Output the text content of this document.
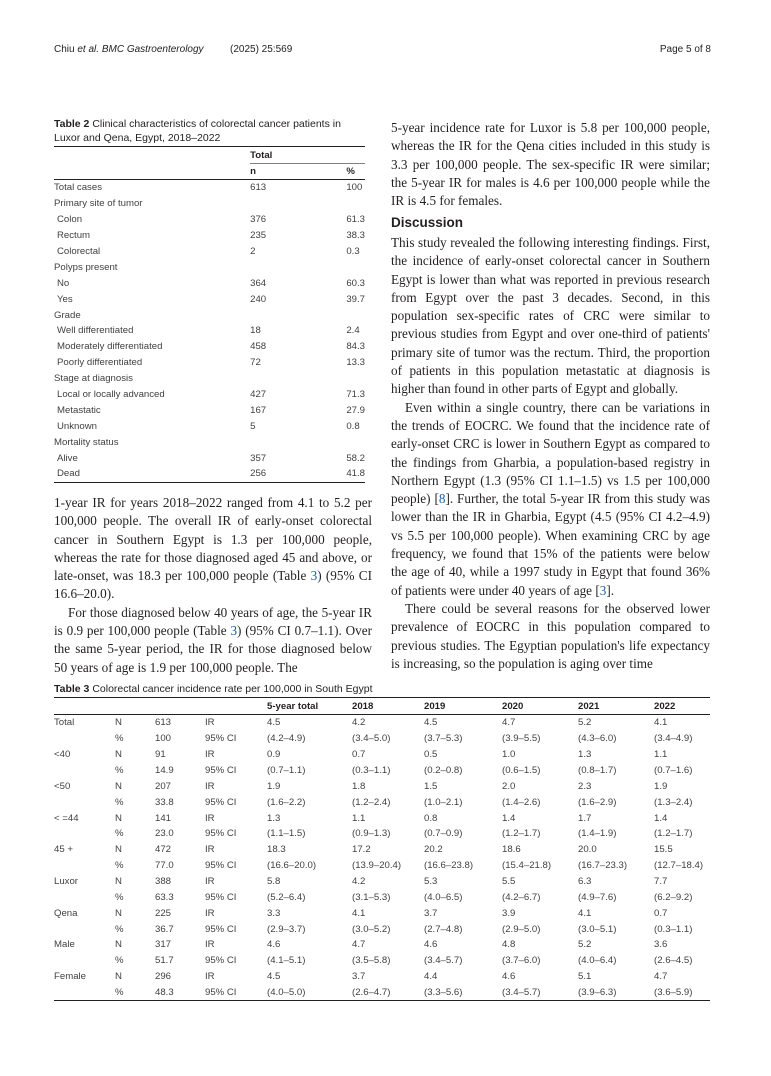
Chiu et al. BMC Gastroenterology	(2025) 25:569	Page 5 of 8
Table 2 Clinical characteristics of colorectal cancer patients in Luxor and Qena, Egypt, 2018–2022
	Total	
	n	%
Total cases	613	100
Primary site of tumor		
Colon	376	61.3
Rectum	235	38.3
Colorectal	2	0.3
Polyps present		
No	364	60.3
Yes	240	39.7
Grade		
Well differentiated	18	2.4
Moderately differentiated	458	84.3
Poorly differentiated	72	13.3
Stage at diagnosis		
Local or locally advanced	427	71.3
Metastatic	167	27.9
Unknown	5	0.8
Mortality status		
Alive	357	58.2
Dead	256	41.8

1-year IR for years 2018–2022 ranged from 4.1 to 5.2 per 100,000 people. The overall IR of early-onset colorectal cancer in Southern Egypt is 1.3 per 100,000 people, whereas the rate for those diagnosed aged 45 and above, or late-onset, was 18.3 per 100,000 people (Table 3) (95% CI 16.6–20.0).

For those diagnosed below 40 years of age, the 5-year IR is 0.9 per 100,000 people (Table 3) (95% CI 0.7–1.1). Over the same 5-year period, the IR for those diagnosed below 50 years of age is 1.9 per 100,000 people. The

5-year incidence rate for Luxor is 5.8 per 100,000 people, whereas the IR for the Qena cities included in this study is 3.3 per 100,000 people. The sex-specific IR were similar; the 5-year IR for males is 4.6 per 100,000 people while the IR is 4.5 for females.

Discussion

This study revealed the following interesting findings. First, the incidence of early-onset colorectal cancer in Southern Egypt is lower than what was reported in previous research from Egypt over the past 3 decades. Second, in this population sex-specific rates of CRC were similar to previous studies from Egypt and over one-third of patients' primary site of tumor was the rectum. Third, the proportion of patients in this population metastatic at diagnosis is higher than found in other parts of Egypt and globally.

Even within a single country, there can be variations in the trends of EOCRC. We found that the incidence rate of early-onset CRC is lower in Southern Egypt as compared to the findings from Gharbia, a population-based registry in Northern Egypt (1.3 (95% CI 1.1–1.5) vs 1.5 per 100,000 people) [8]. Further, the total 5-year IR from this study was lower than the IR in Gharbia, Egypt (4.5 (95% CI 4.2–4.9) vs 5.5 per 100,000 people). When examining CRC by age frequency, we found that 15% of the patients were below the age of 40, while a 1997 study in Egypt that found 36% of patients were under 40 years of age [3].

There could be several reasons for the observed lower prevalence of EOCRC in this population compared to previous studies. The Egyptian population's life expectancy is increasing, so the population is aging over time

Table 3 Colorectal cancer incidence rate per 100,000 in South Egypt
				5-year total	2018	2019	2020	2021	2022
Total	N	613	IR	4.5	4.2	4.5	4.7	5.2	4.1
	%	100	95% CI	(4.2–4.9)	(3.4–5.0)	(3.7–5.3)	(3.9–5.5)	(4.3–6.0)	(3.4–4.9)
<40	N	91	IR	0.9	0.7	0.5	1.0	1.3	1.1
	%	14.9	95% CI	(0.7–1.1)	(0.3–1.1)	(0.2–0.8)	(0.6–1.5)	(0.8–1.7)	(0.7–1.6)
<50	N	207	IR	1.9	1.8	1.5	2.0	2.3	1.9
	%	33.8	95% CI	(1.6–2.2)	(1.2–2.4)	(1.0–2.1)	(1.4–2.6)	(1.6–2.9)	(1.3–2.4)
< =44	N	141	IR	1.3	1.1	0.8	1.4	1.7	1.4
	%	23.0	95% CI	(1.1–1.5)	(0.9–1.3)	(0.7–0.9)	(1.2–1.7)	(1.4–1.9)	(1.2–1.7)
45 +	N	472	IR	18.3	17.2	20.2	18.6	20.0	15.5
	%	77.0	95% CI	(16.6–20.0)	(13.9–20.4)	(16.6–23.8)	(15.4–21.8)	(16.7–23.3)	(12.7–18.4)
Luxor	N	388	IR	5.8	4.2	5.3	5.5	6.3	7.7
	%	63.3	95% CI	(5.2–6.4)	(3.1–5.3)	(4.0–6.5)	(4.2–6.7)	(4.9–7.6)	(6.2–9.2)
Qena	N	225	IR	3.3	4.1	3.7	3.9	4.1	0.7
	%	36.7	95% CI	(2.9–3.7)	(3.0–5.2)	(2.7–4.8)	(2.9–5.0)	(3.0–5.1)	(0.3–1.1)
Male	N	317	IR	4.6	4.7	4.6	4.8	5.2	3.6
	%	51.7	95% CI	(4.1–5.1)	(3.5–5.8)	(3.4–5.7)	(3.7–6.0)	(4.0–6.4)	(2.6–4.5)
Female	N	296	IR	4.5	3.7	4.4	4.6	5.1	4.7
	%	48.3	95% CI	(4.0–5.0)	(2.6–4.7)	(3.3–5.6)	(3.4–5.7)	(3.9–6.3)	(3.6–5.9)
